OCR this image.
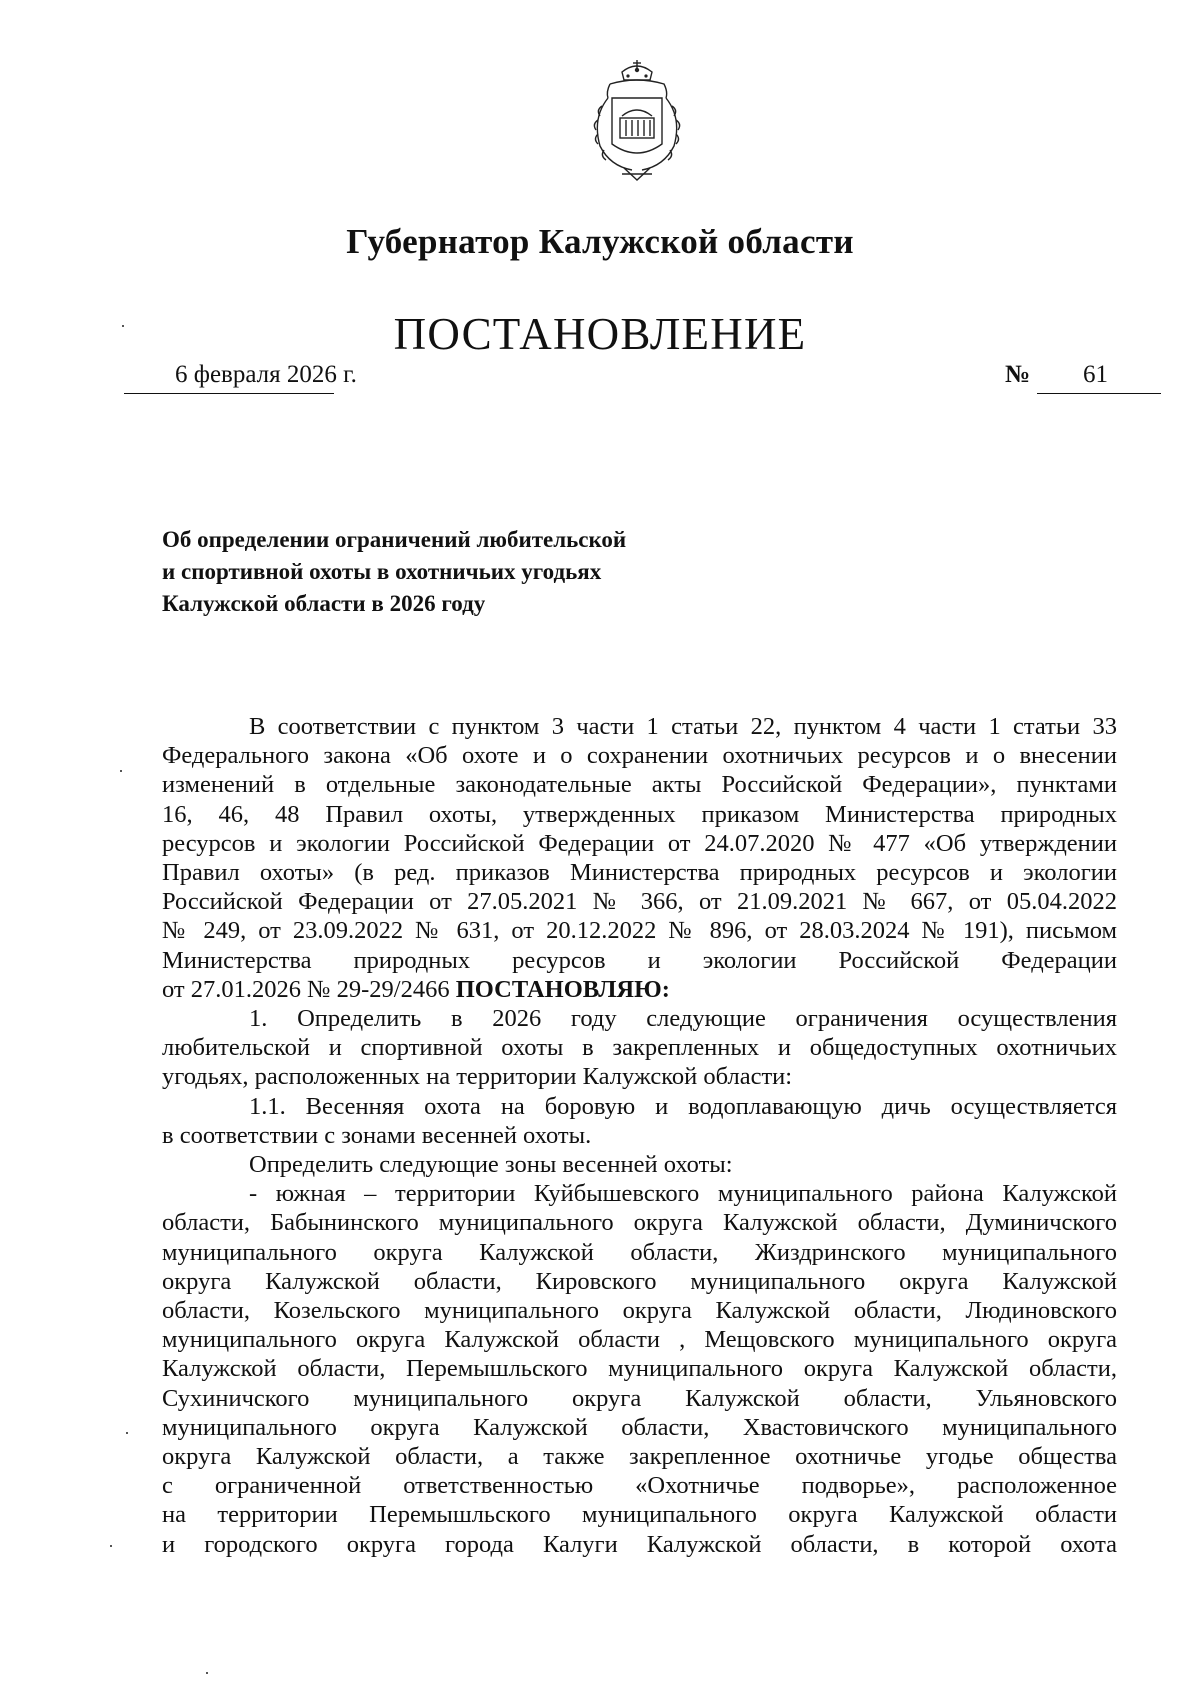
Губернатор Калужской области
ПОСТАНОВЛЕНИЕ
6 февраля 2026 г.	№ 61
Об определении ограничений любительской
и спортивной охоты в охотничьих угодьях
Калужской области в 2026 году

В соответствии с пунктом 3 части 1 статьи 22, пунктом 4 части 1 статьи 33

Федерального закона «Об охоте и о сохранении охотничьих ресурсов и о внесении

изменений в отдельные законодательные акты Российской Федерации», пунктами

16, 46, 48 Правил охоты, утвержденных приказом Министерства природных

ресурсов и экологии Российской Федерации от 24.07.2020 № 477 «Об утверждении

Правил охоты» (в ред. приказов Министерства природных ресурсов и экологии

Российской Федерации от 27.05.2021 № 366, от 21.09.2021 № 667, от 05.04.2022

№ 249, от 23.09.2022 № 631, от 20.12.2022 № 896, от 28.03.2024 № 191), письмом

Министерства природных ресурсов и экологии Российской Федерации

от 27.01.2026 № 29-29/2466 ПОСТАНОВЛЯЮ:

1. Определить в 2026 году следующие ограничения осуществления

любительской и спортивной охоты в закрепленных и общедоступных охотничьих

угодьях, расположенных на территории Калужской области:

1.1. Весенняя охота на боровую и водоплавающую дичь осуществляется

в соответствии с зонами весенней охоты.

Определить следующие зоны весенней охоты:

- южная – территории Куйбышевского муниципального района Калужской

области, Бабынинского муниципального округа Калужской области, Думиничского

муниципального округа Калужской области, Жиздринского муниципального

округа Калужской области, Кировского муниципального округа Калужской

области, Козельского муниципального округа Калужской области, Людиновского

муниципального округа Калужской области , Мещовского муниципального округа

Калужской области, Перемышльского муниципального округа Калужской области,

Сухиничского муниципального округа Калужской области, Ульяновского

муниципального округа Калужской области, Хвастовичского муниципального

округа Калужской области, а также закрепленное охотничье угодье общества

с ограниченной ответственностью «Охотничье подворье», расположенное

на территории Перемышльского муниципального округа Калужской области

и городского округа города Калуги Калужской области, в которой охота
